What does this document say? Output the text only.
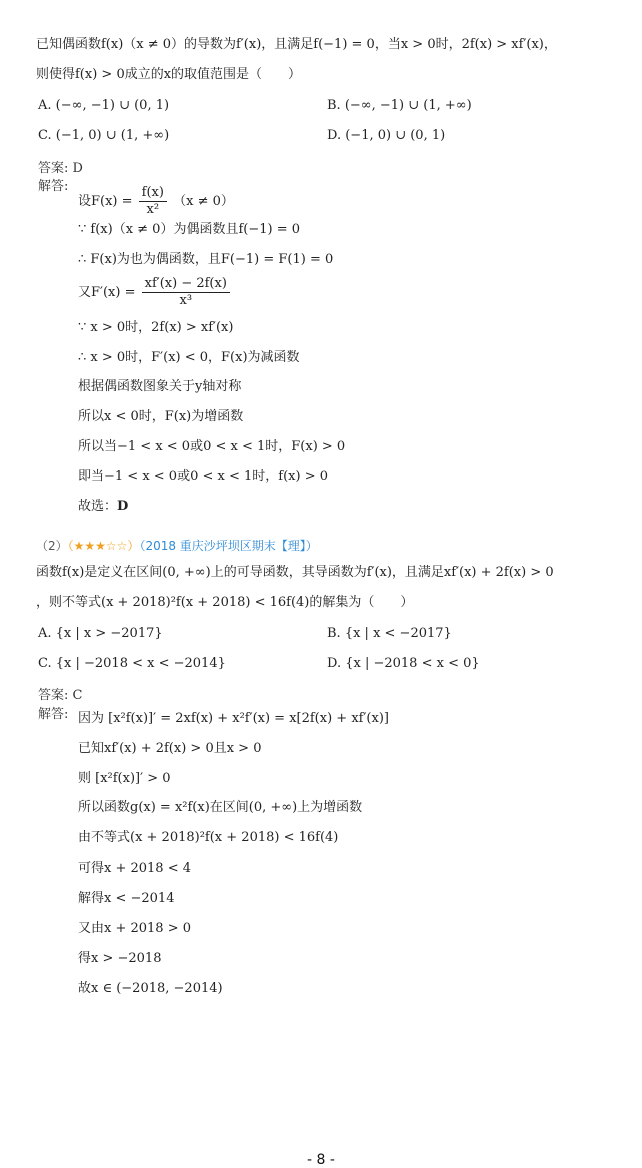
已知偶函数f(x)（x ≠ 0）的导数为f′(x)，且满足f(−1) = 0，当x > 0时，2f(x) > xf′(x)，
则使得f(x) > 0成立的x的取值范围是（　　）
A. (−∞, −1) ∪ (0, 1)	B. (−∞, −1) ∪ (1, +∞)
C. (−1, 0) ∪ (1, +∞)	D. (−1, 0) ∪ (0, 1)
答案: D
解答:
设$F(x) = \frac{f(x)}{\text{x²}} (x \ne 0)$
∵ f(x)（x ≠ 0）为偶函数且f(−1) = 0
∴ F(x)为也为偶函数，且F(−1) = F(1) = 0
又$F'(x) = \frac{xf'(x) - 2f(x)}{\text{x³}}$
∵ x > 0时，2f(x) > xf′(x)
∴ x > 0时，F′(x) < 0，F(x)为减函数
根据偶函数图象关于y轴对称
所以x < 0时，F(x)为增函数
所以当−1 < x < 0或0 < x < 1时，F(x) > 0
即当−1 < x < 0或0 < x < 1时，f(x) > 0
故选：D
（2）（★★★☆☆）（2018 重庆沙坪坝区期末【理】）
函数f(x)是定义在区间(0, +∞)上的可导函数，其导函数为f′(x)，且满足xf′(x) + 2f(x) > 0
，则不等式(x + 2018)²f(x + 2018) < 16f(4)的解集为（　　）
A. {x | x > −2017}	B. {x | x < −2017}
C. {x | −2018 < x < −2014}	D. {x | −2018 < x < 0}
答案: C
解答: 因为 [x²f(x)]′ = 2xf(x) + x²f′(x) = x[2f(x) + xf′(x)]
已知xf′(x) + 2f(x) > 0且x > 0
则 [x²f(x)]′ > 0
所以函数g(x) = x²f(x)在区间(0, +∞)上为增函数
由不等式(x + 2018)²f(x + 2018) < 16f(4)
可得x + 2018 < 4
解得x < −2014
又由x + 2018 > 0
得x > −2018
故x ∈ (−2018, −2014)
- 8 -
